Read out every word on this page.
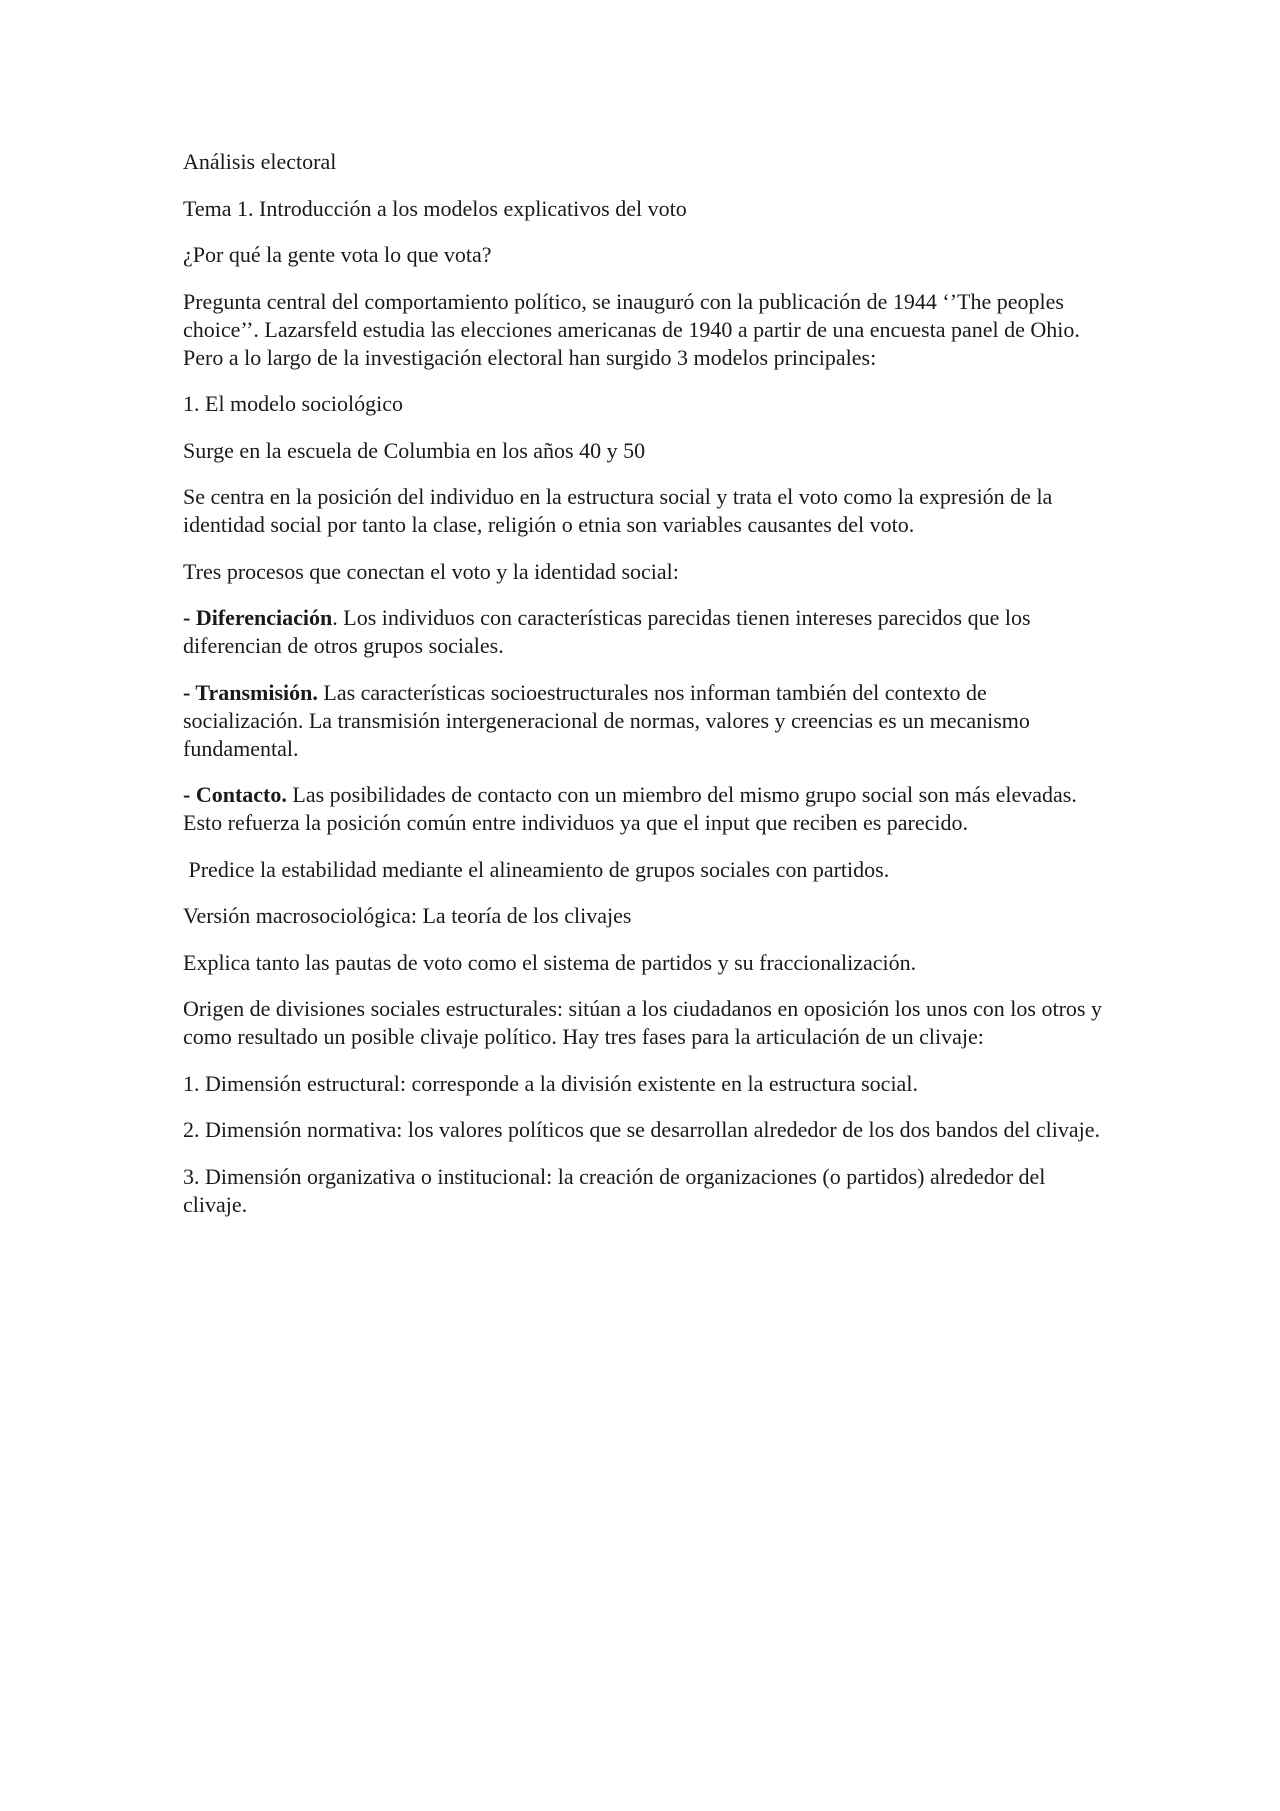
Análisis electoral

Tema 1. Introducción a los modelos explicativos del voto

¿Por qué la gente vota lo que vota?

Pregunta central del comportamiento político, se inauguró con la publicación de 1944 ‘’The peoples choice’’. Lazarsfeld estudia las elecciones americanas de 1940 a partir de una encuesta panel de Ohio. Pero a lo largo de la investigación electoral han surgido 3 modelos principales:

1. El modelo sociológico

Surge en la escuela de Columbia en los años 40 y 50

Se centra en la posición del individuo en la estructura social y trata el voto como la expresión de la identidad social por tanto la clase, religión o etnia son variables causantes del voto.

Tres procesos que conectan el voto y la identidad social:

- Diferenciación. Los individuos con características parecidas tienen intereses parecidos que los diferencian de otros grupos sociales.

- Transmisión. Las características socioestructurales nos informan también del contexto de socialización. La transmisión intergeneracional de normas, valores y creencias es un mecanismo fundamental.

- Contacto. Las posibilidades de contacto con un miembro del mismo grupo social son más elevadas. Esto refuerza la posición común entre individuos ya que el input que reciben es parecido.

Predice la estabilidad mediante el alineamiento de grupos sociales con partidos.

Versión macrosociológica: La teoría de los clivajes

Explica tanto las pautas de voto como el sistema de partidos y su fraccionalización.

Origen de divisiones sociales estructurales: sitúan a los ciudadanos en oposición los unos con los otros y como resultado un posible clivaje político. Hay tres fases para la articulación de un clivaje:

1. Dimensión estructural: corresponde a la división existente en la estructura social.

2. Dimensión normativa: los valores políticos que se desarrollan alrededor de los dos bandos del clivaje.

3. Dimensión organizativa o institucional: la creación de organizaciones (o partidos) alrededor del clivaje.
